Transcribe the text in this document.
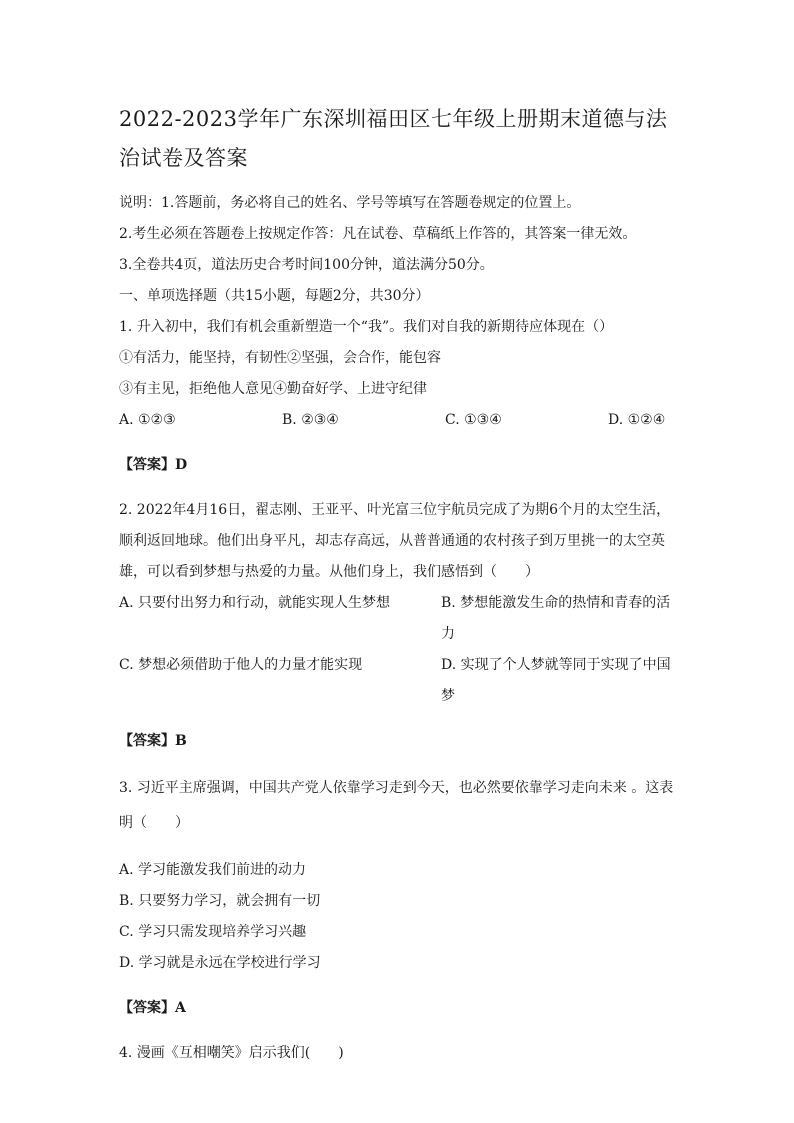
2022-2023学年广东深圳福田区七年级上册期末道德与法治试卷及答案

说明：1.答题前，务必将自己的姓名、学号等填写在答题卷规定的位置上。

2.考生必须在答题卷上按规定作答：凡在试卷、草稿纸上作答的，其答案一律无效。

3.全卷共4页，道法历史合考时间100分钟，道法满分50分。

一、单项选择题（共15小题，每题2分，共30分）

1. 升入初中，我们有机会重新塑造一个“我”。我们对自我的新期待应体现在（）

①有活力，能坚持，有韧性②坚强，会合作，能包容

③有主见，拒绝他人意见④勤奋好学、上进守纪律

A. ①②③	B. ②③④	C. ①③④	D. ①②④

【答案】D

2. 2022年4月16日，翟志刚、王亚平、叶光富三位宇航员完成了为期6个月的太空生活，顺利返回地球。他们出身平凡，却志存高远，从普普通通的农村孩子到万里挑一的太空英雄，可以看到梦想与热爱的力量。从他们身上，我们感悟到（　　）

A. 只要付出努力和行动，就能实现人生梦想	B. 梦想能激发生命的热情和青春的活力
C. 梦想必须借助于他人的力量才能实现	D. 实现了个人梦就等同于实现了中国梦

【答案】B

3. 习近平主席强调，中国共产党人依靠学习走到今天，也必然要依靠学习走向未来 。这表明（　　）

A. 学习能激发我们前进的动力

B. 只要努力学习，就会拥有一切

C. 学习只需发现培养学习兴趣

D. 学习就是永远在学校进行学习

【答案】A

4. 漫画《互相嘲笑》启示我们(　　)
